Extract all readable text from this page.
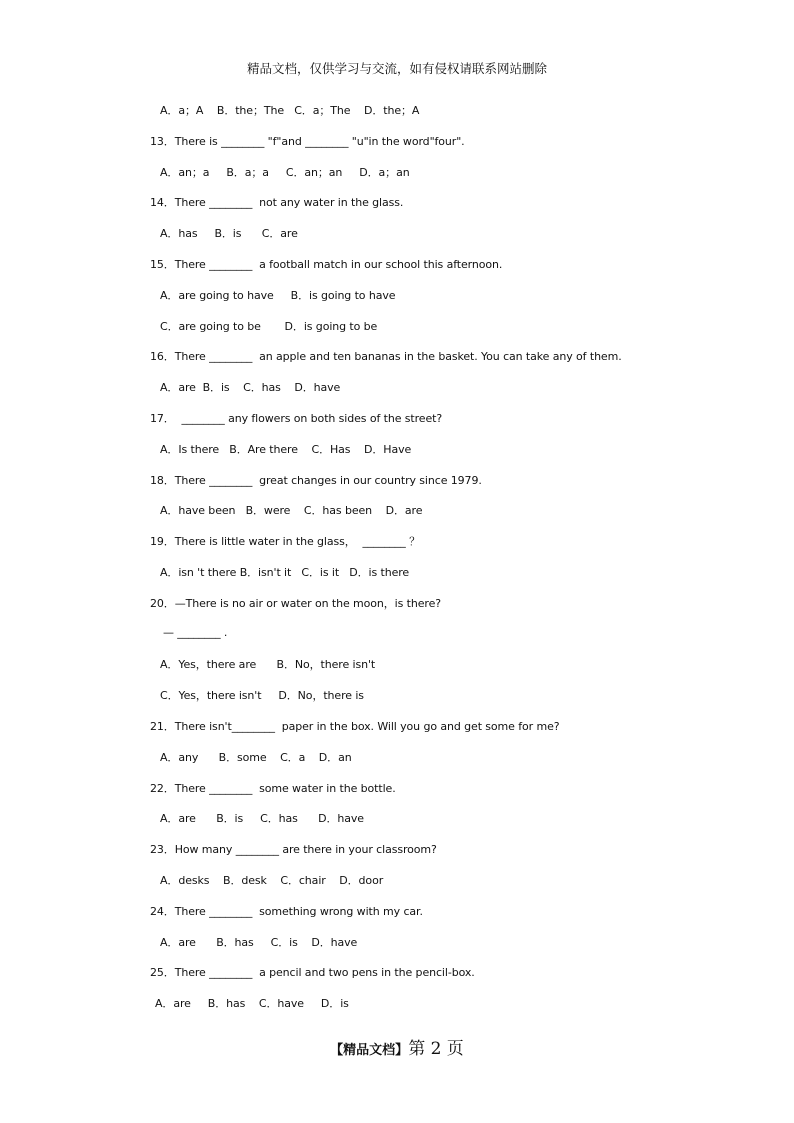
精品文档，仅供学习与交流，如有侵权请联系网站删除
A．a；A    B．the；The   C．a；The    D．the；A
13．There is ________ "f"and ________ "u"in the word"four".
A．an；a     B．a；a     C．an；an     D．a；an
14．There ________  not any water in the glass.
A．has     B．is      C．are
15．There ________  a football match in our school this afternoon.
A．are going to have     B．is going to have
C．are going to be       D．is going to be
16．There ________  an apple and ten bananas in the basket. You can take any of them.
A．are  B．is    C．has    D．have
17．  ________ any flowers on both sides of the street?
A．Is there   B．Are there    C．Has    D．Have
18．There ________  great changes in our country since 1979.
A．have been   B．were    C．has been    D．are
19．There is little water in the glass，  ________ ？
A．isn 't there B．isn't it   C．is it   D．is there
20．—There is no air or water on the moon，is there?
— ________ .
A．Yes，there are      B．No，there isn't
C．Yes，there isn't     D．No，there is
21．There isn't________  paper in the box. Will you go and get some for me?
A．any      B．some    C．a    D．an
22．There ________  some water in the bottle.
A．are      B．is     C．has      D．have
23．How many ________ are there in your classroom?
A．desks    B．desk    C．chair    D．door
24．There ________  something wrong with my car.
A．are      B．has     C．is    D．have
25．There ________  a pencil and two pens in the pencil-box.
A．are     B．has    C．have     D．is
【精品文档】第 2 页
